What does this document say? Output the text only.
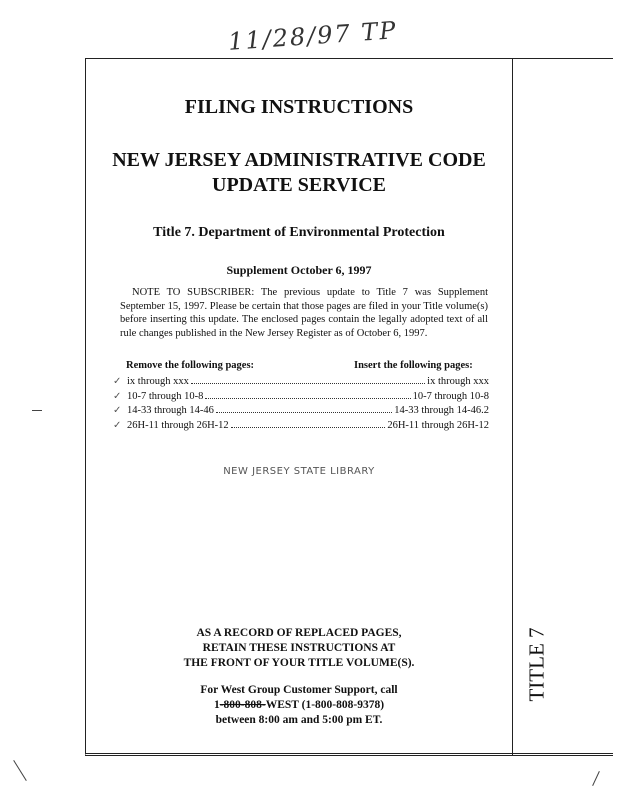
11/28/97 TP
TITLE 7
FILING INSTRUCTIONS
NEW JERSEY ADMINISTRATIVE CODE
UPDATE SERVICE
Title 7. Department of Environmental Protection
Supplement October 6, 1997
NOTE TO SUBSCRIBER: The previous update to Title 7 was Supplement September 15, 1997. Please be certain that those pages are filed in your Title volume(s) before inserting this update. The enclosed pages contain the legally adopted text of all rule changes published in the New Jersey Register as of October 6, 1997.
Remove the following pages:	Insert the following pages:
✓ ix through xxx	ix through xxx
✓ 10-7 through 10-8	10-7 through 10-8
✓ 14-33 through 14-46	14-33 through 14-46.2
✓ 26H-11 through 26H-12	26H-11 through 26H-12
NEW JERSEY STATE LIBRARY
AS A RECORD OF REPLACED PAGES,
RETAIN THESE INSTRUCTIONS AT
THE FRONT OF YOUR TITLE VOLUME(S).
For West Group Customer Support, call
1-800-808-WEST (1-800-808-9378)
between 8:00 am and 5:00 pm ET.
